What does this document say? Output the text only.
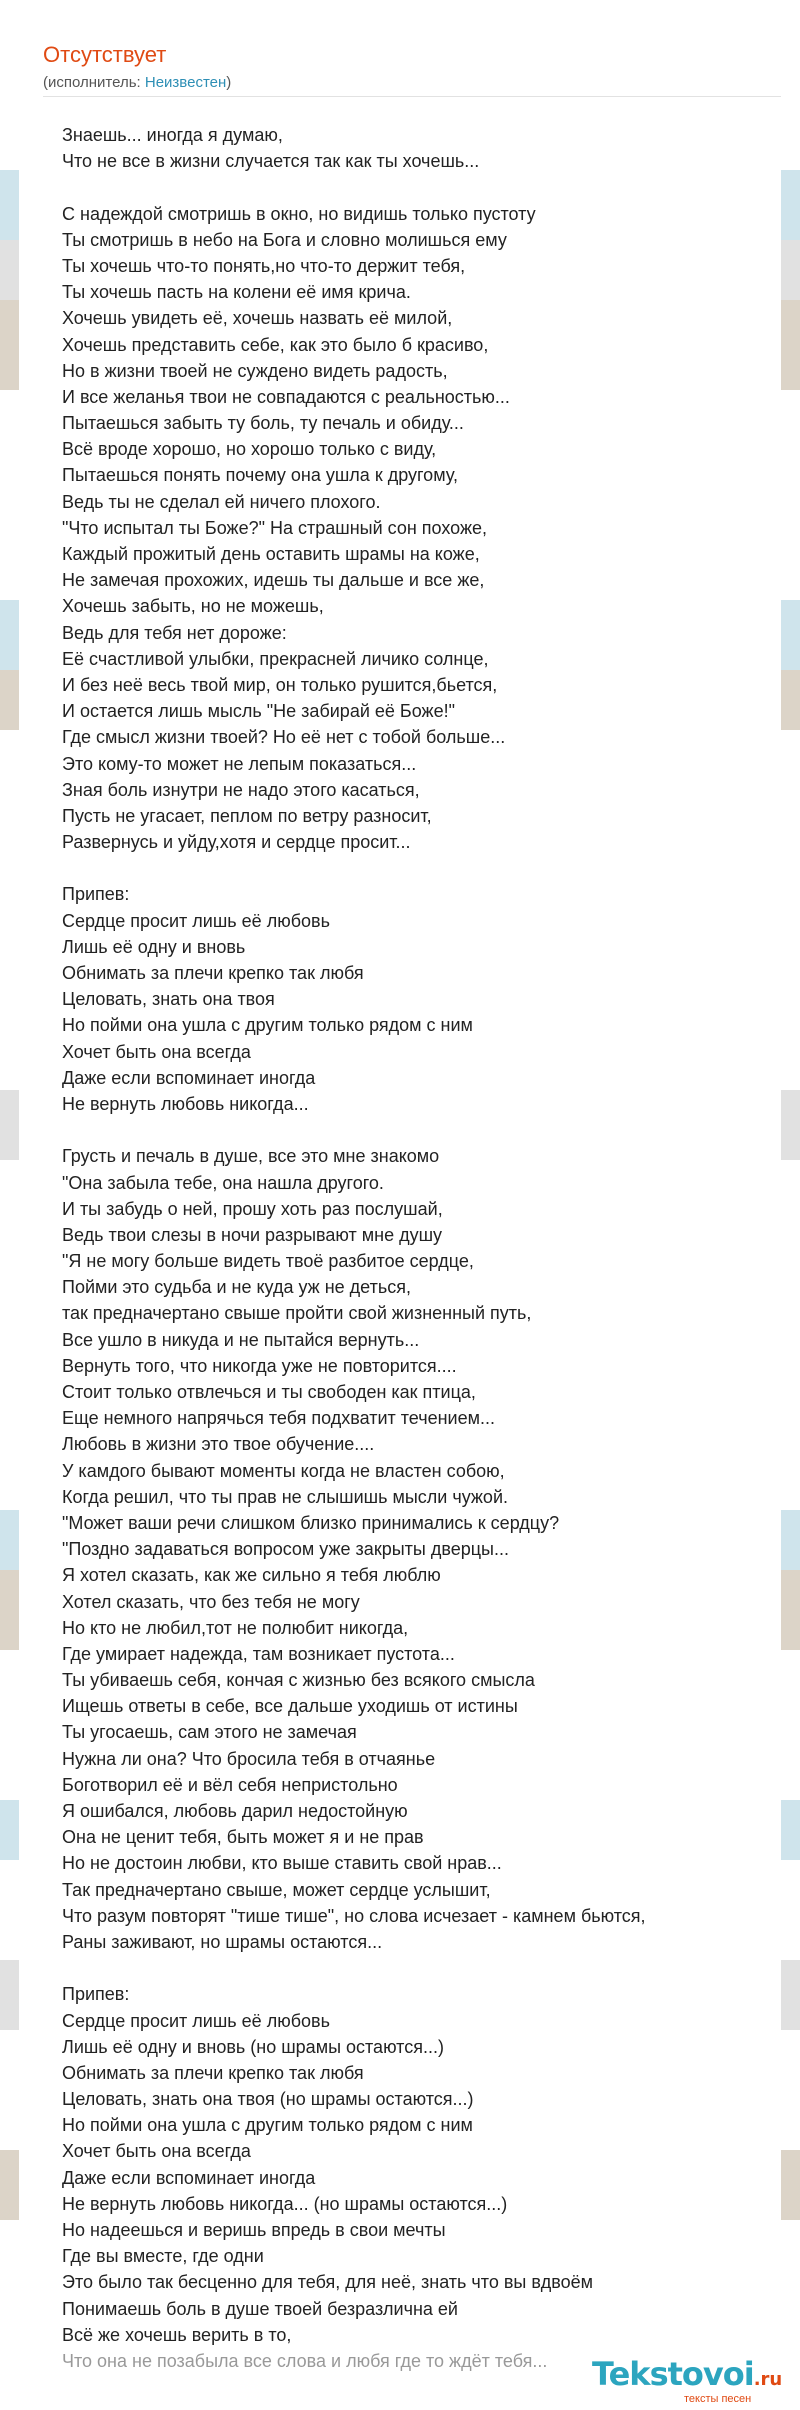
Отсутствует
(исполнитель: Неизвестен)
Знаешь... иногда я думаю,
Что не все в жизни случается так как ты хочешь...

С надеждой смотришь в окно, но видишь только пустоту
Ты смотришь в небо на Бога и словно молишься ему
Ты хочешь что-то понять,но что-то держит тебя,
Ты хочешь пасть на колени её имя крича.
Хочешь увидеть её, хочешь назвать её милой,
Хочешь представить себе, как это было б красиво,
Но в жизни твоей не суждено видеть радость,
И все желанья твои не совпадаются с реальностью...
Пытаешься забыть ту боль, ту печаль и обиду...
Всё вроде хорошо, но хорошо только с виду,
Пытаешься понять почему она ушла к другому,
Ведь ты не сделал ей ничего плохого.
"Что испытал ты Боже?" На страшный сон похоже,
Каждый прожитый день оставить шрамы на коже,
Не замечая прохожих, идешь ты дальше и все же,
Хочешь забыть, но не можешь,
Ведь для тебя нет дороже:
Её счастливой улыбки, прекрасней личико солнце,
И без неё весь твой мир, он только рушится,бьется,
И остается лишь мысль "Не забирай её Боже!"
Где смысл жизни твоей? Но её нет с тобой больше...
Это кому-то может не лепым показаться...
Зная боль изнутри не надо этого касаться,
Пусть не угасает, пеплом по ветру разносит,
Развернусь и уйду,хотя и сердце просит...

Припев:
Сердце просит лишь её любовь
Лишь её одну и вновь
Обнимать за плечи крепко так любя
Целовать, знать она твоя
Но пойми она ушла с другим только рядом с ним
Хочет быть она всегда
Даже если вспоминает иногда
Не вернуть любовь никогда...

Грусть и печаль в душе, все это мне знакомо
"Она забыла тебе, она нашла другого.
И ты забудь о ней, прошу хоть раз послушай,
Ведь твои слезы в ночи разрывают мне душу
"Я не могу больше видеть твоё разбитое сердце,
Пойми это судьба и не куда уж не деться,
так предначертано свыше пройти свой жизненный путь,
Все ушло в никуда и не пытайся вернуть...
Вернуть того, что никогда уже не повторится....
Стоит только отвлечься и ты свободен как птица,
Еще немного напрячься тебя подхватит течением...
Любовь в жизни это твое обучение....
У камдого бывают моменты когда не властен собою,
Когда решил, что ты прав не слышишь мысли чужой.
"Может ваши речи слишком близко принимались к сердцу?
"Поздно задаваться вопросом уже закрыты дверцы...
Я хотел сказать, как же сильно я тебя люблю
Хотел сказать, что без тебя не могу
Но кто не любил,тот не полюбит никогда,
Где умирает надежда, там возникает пустота...
Ты убиваешь себя, кончая с жизнью без всякого смысла
Ищешь ответы в себе, все дальше уходишь от истины
Ты угосаешь, сам этого не замечая
Нужна ли она? Что бросила тебя в отчаянье
Боготворил её и вёл себя непристольно
Я ошибался, любовь дарил недостойную
Она не ценит тебя, быть может я и не прав
Но не достоин любви, кто выше ставить свой нрав...
Так предначертано свыше, может сердце услышит,
Что разум повторят "тише тише", но слова исчезает - камнем бьются,
Раны заживают, но шрамы остаются...

Припев:
Сердце просит лишь её любовь
Лишь её одну и вновь (но шрамы остаются...)
Обнимать за плечи крепко так любя
Целовать, знать она твоя (но шрамы остаются...)
Но пойми она ушла с другим только рядом с ним
Хочет быть она всегда
Даже если вспоминает иногда
Не вернуть любовь никогда... (но шрамы остаются...)
Но надеешься и веришь впредь в свои мечты
Где вы вместе, где одни
Это было так бесценно для тебя, для неё, знать что вы вдвоём
Понимаешь боль в душе твоей безразлична ей
Всё же хочешь верить в то,
Что она не позабыла все слова и любя где то ждёт тебя...	Tekstovoi.ru
тексты песен
